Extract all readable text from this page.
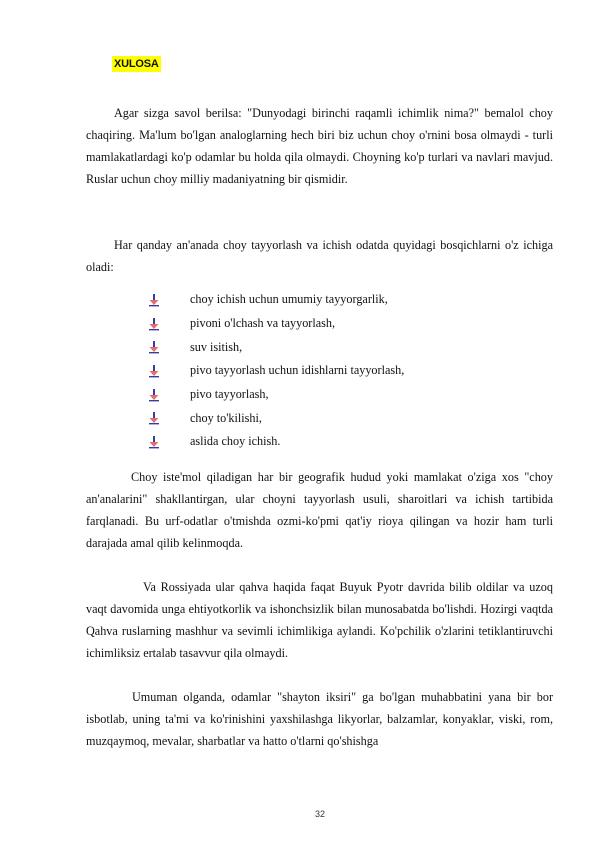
XULOSA

Agar sizga savol berilsa: "Dunyodagi birinchi raqamli ichimlik nima?" bemalol choy chaqiring. Ma'lum bo'lgan analoglarning hech biri biz uchun choy o'rnini bosa olmaydi - turli mamlakatlardagi ko'p odamlar bu holda qila olmaydi. Choyning ko'p turlari va navlari mavjud. Ruslar uchun choy milliy madaniyatning bir qismidir.

Har qanday an'anada choy tayyorlash va ichish odatda quyidagi bosqichlarni o'z ichiga oladi:

choy ichish uchun umumiy tayyorgarlik,
pivoni o'lchash va tayyorlash,
suv isitish,
pivo tayyorlash uchun idishlarni tayyorlash,
pivo tayyorlash,
choy to'kilishi,
aslida choy ichish.

Choy iste'mol qiladigan har bir geografik hudud yoki mamlakat o'ziga xos "choy an'analarini" shakllantirgan, ular choyni tayyorlash usuli, sharoitlari va ichish tartibida farqlanadi. Bu urf-odatlar o'tmishda ozmi-ko'pmi qat'iy rioya qilingan va hozir ham turli darajada amal qilib kelinmoqda.

Va Rossiyada ular qahva haqida faqat Buyuk Pyotr davrida bilib oldilar va uzoq vaqt davomida unga ehtiyotkorlik va ishonchsizlik bilan munosabatda bo'lishdi. Hozirgi vaqtda Qahva ruslarning mashhur va sevimli ichimlikiga aylandi. Ko'pchilik o'zlarini tetiklantiruvchi ichimliksiz ertalab tasavvur qila olmaydi.

Umuman olganda, odamlar "shayton iksiri" ga bo'lgan muhabbatini yana bir bor isbotlab, uning ta'mi va ko'rinishini yaxshilashga likyorlar, balzamlar, konyaklar, viski, rom, muzqaymoq, mevalar, sharbatlar va hatto o'tlarni qo'shishga

32
